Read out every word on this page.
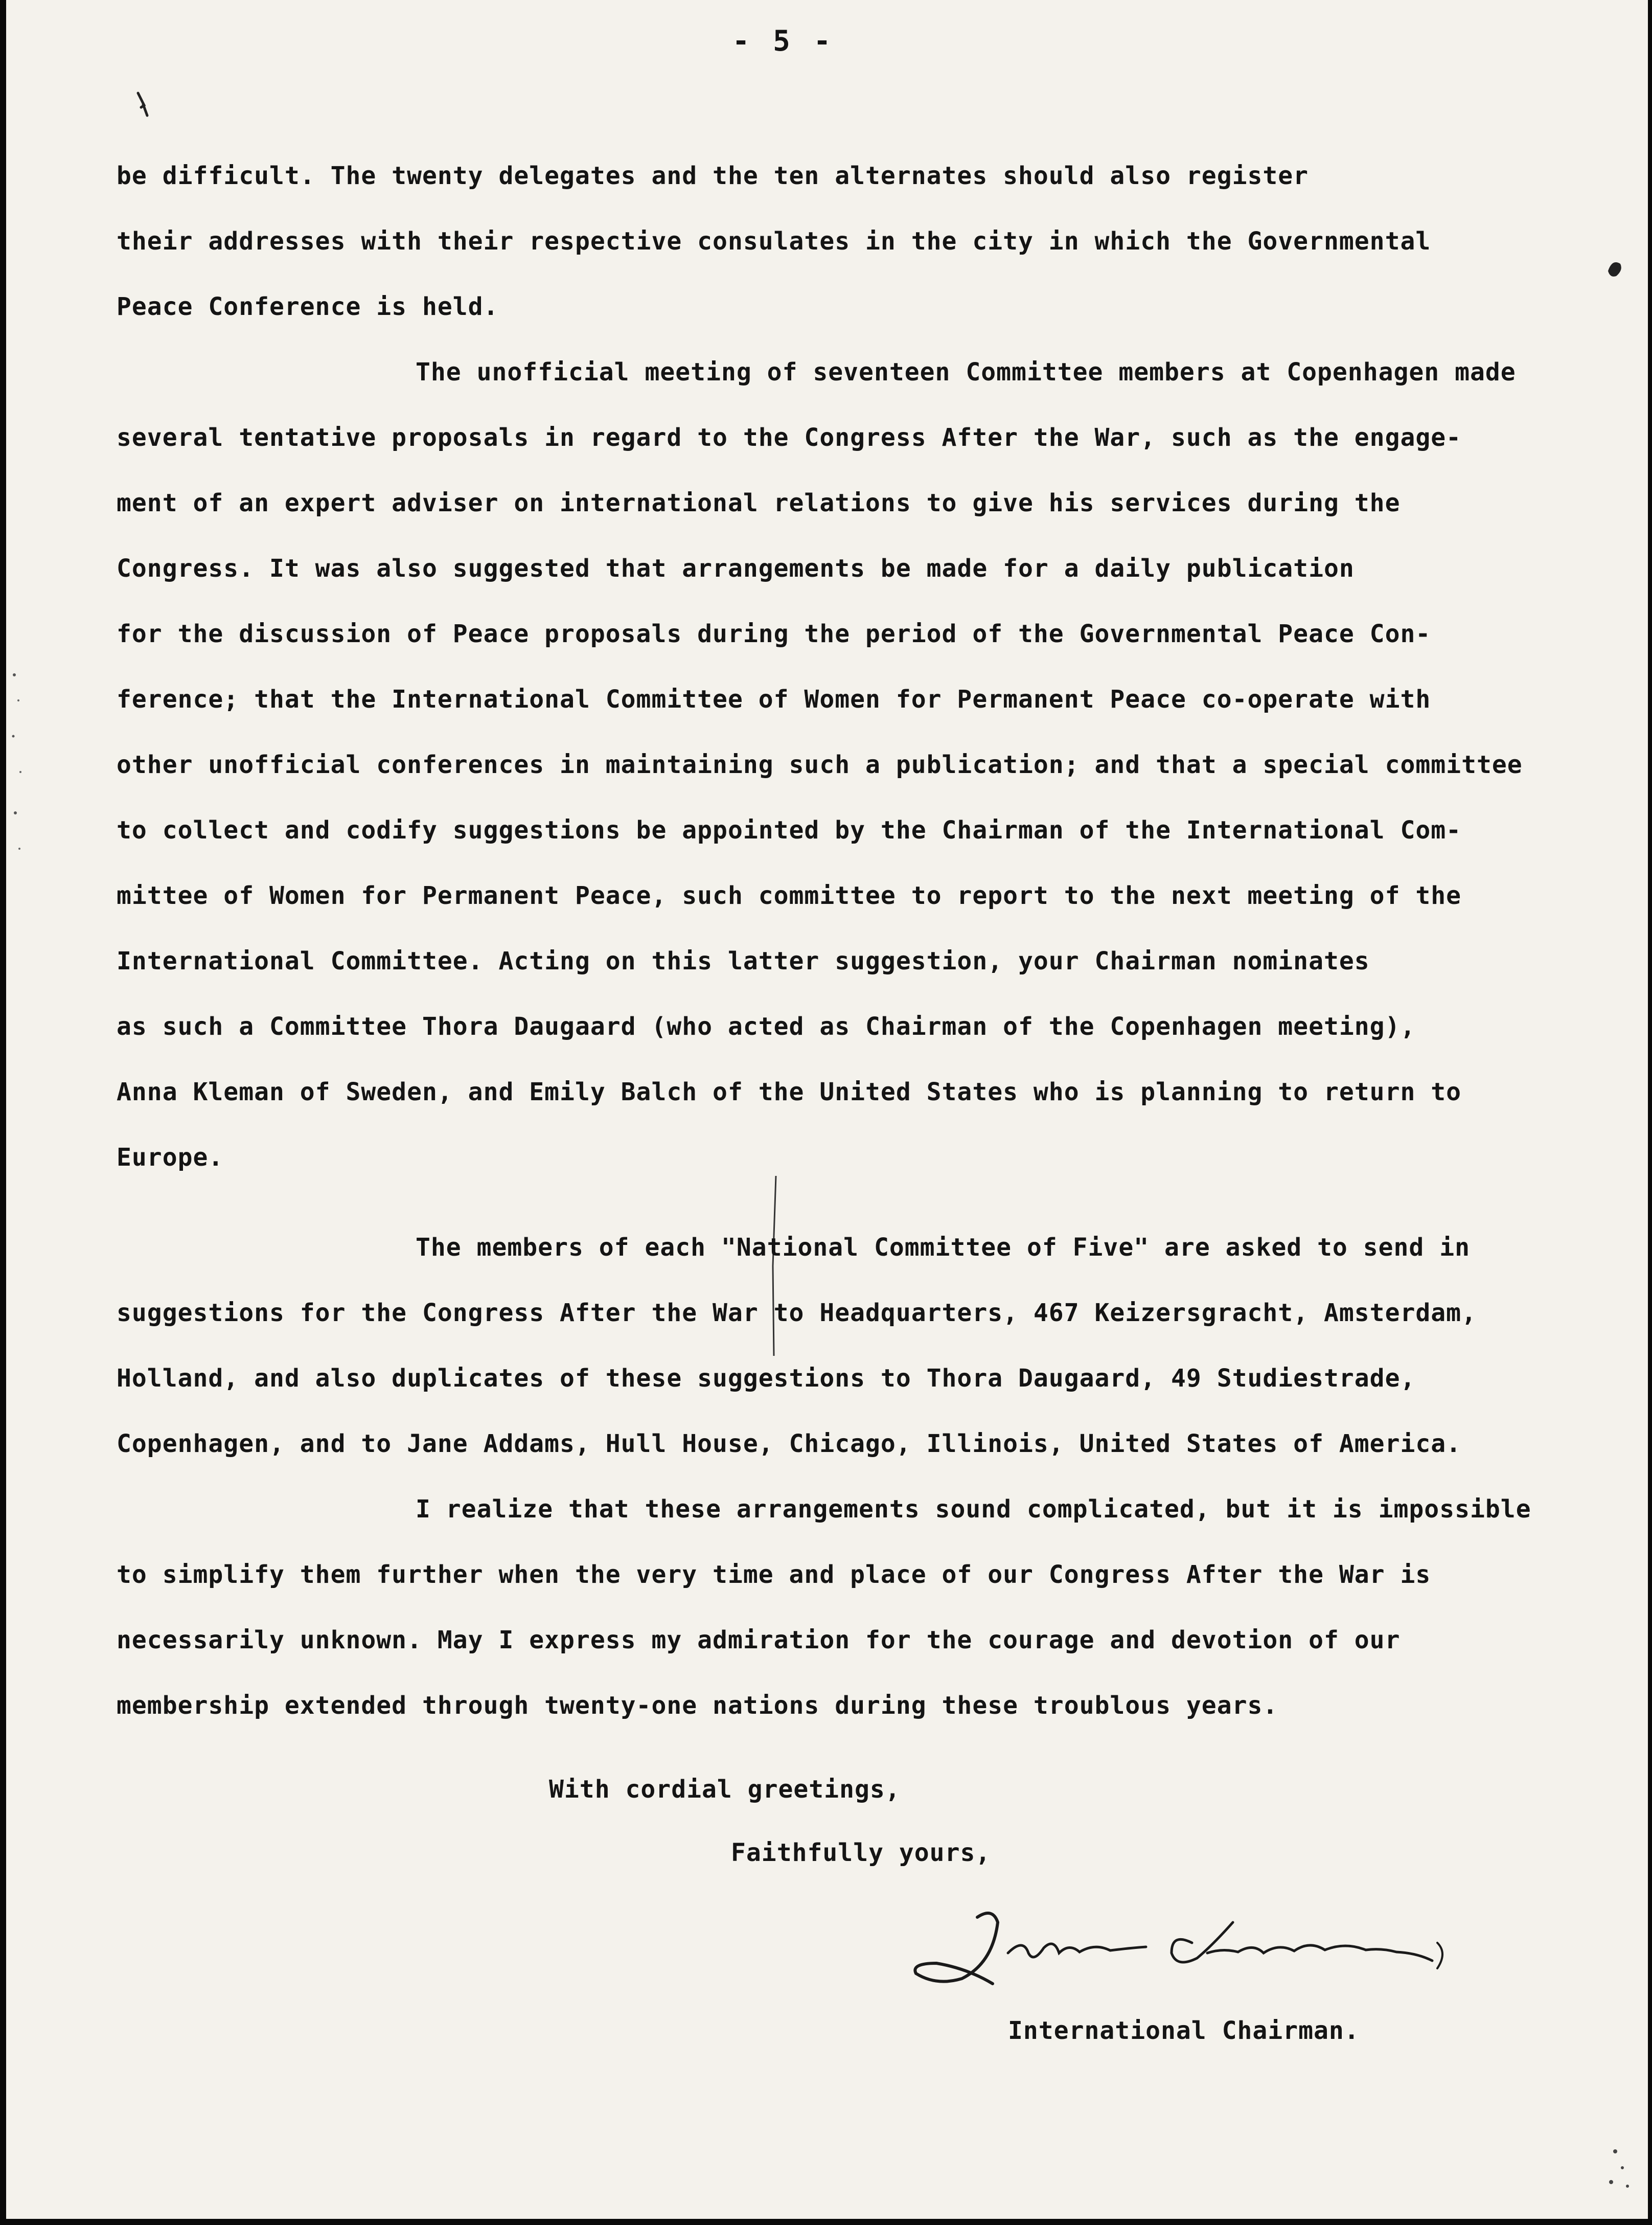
- 5 -
be difficult. The twenty delegates and the ten alternates should also register
their addresses with their respective consulates in the city in which the Governmental
Peace Conference is held.
The unofficial meeting of seventeen Committee members at Copenhagen made
several tentative proposals in regard to the Congress After the War, such as the engage-
ment of an expert adviser on international relations to give his services during the
Congress. It was also suggested that arrangements be made for a daily publication
for the discussion of Peace proposals during the period of the Governmental Peace Con-
ference; that the International Committee of Women for Permanent Peace co-operate with
other unofficial conferences in maintaining such a publication; and that a special committee
to collect and codify suggestions be appointed by the Chairman of the International Com-
mittee of Women for Permanent Peace, such committee to report to the next meeting of the
International Committee. Acting on this latter suggestion, your Chairman nominates
as such a Committee Thora Daugaard (who acted as Chairman of the Copenhagen meeting),
Anna Kleman of Sweden, and Emily Balch of the United States who is planning to return to
Europe.
The members of each "National Committee of Five" are asked to send in
suggestions for the Congress After the War to Headquarters, 467 Keizersgracht, Amsterdam,
Holland, and also duplicates of these suggestions to Thora Daugaard, 49 Studiestrade,
Copenhagen, and to Jane Addams, Hull House, Chicago, Illinois, United States of America.
I realize that these arrangements sound complicated, but it is impossible
to simplify them further when the very time and place of our Congress After the War is
necessarily unknown. May I express my admiration for the courage and devotion of our
membership extended through twenty-one nations during these troublous years.
With cordial greetings,
Faithfully yours,
International Chairman.
